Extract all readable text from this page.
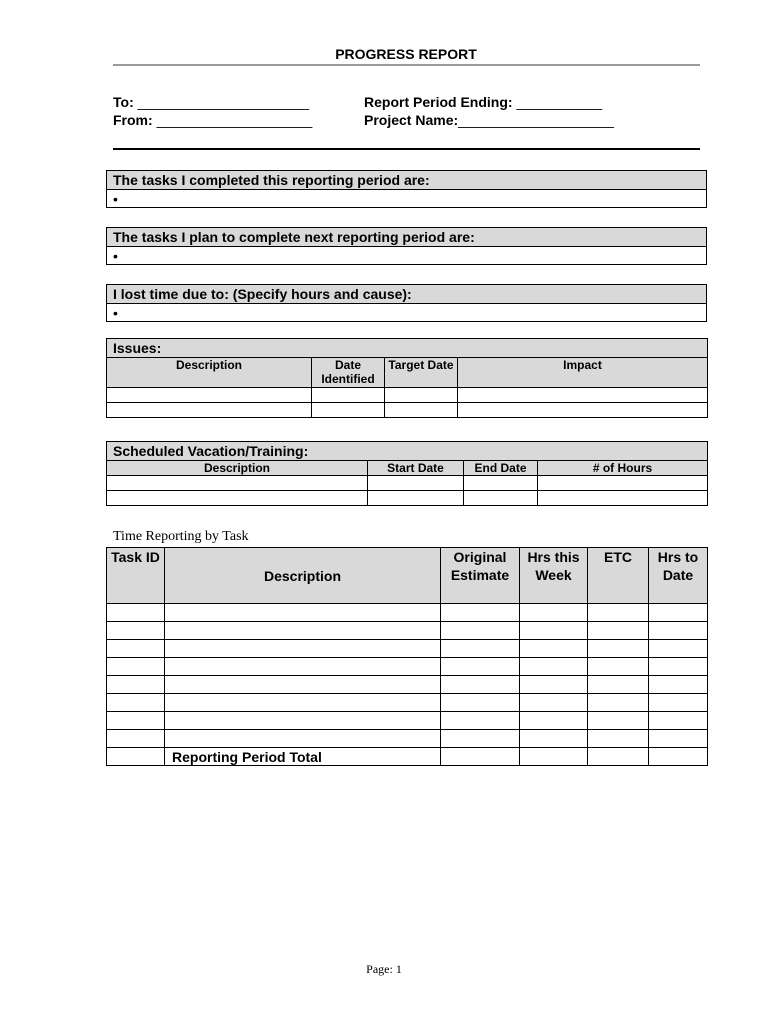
PROGRESS REPORT
To: ______________________
From: ____________________
Report Period Ending: ___________
Project Name:____________________
The tasks I completed this reporting period are:
•
The tasks I plan to complete next reporting period are:
•
I lost time due to: (Specify hours and cause):
•
Issues:			
Description	Date Identified	Target Date	Impact

Scheduled Vacation/Training:			
Description	Start Date	End Date	# of Hours

Time Reporting by Task
Task ID	Description	Original Estimate	Hrs this Week	ETC	Hrs to Date

	Reporting Period Total				
Page: 1
